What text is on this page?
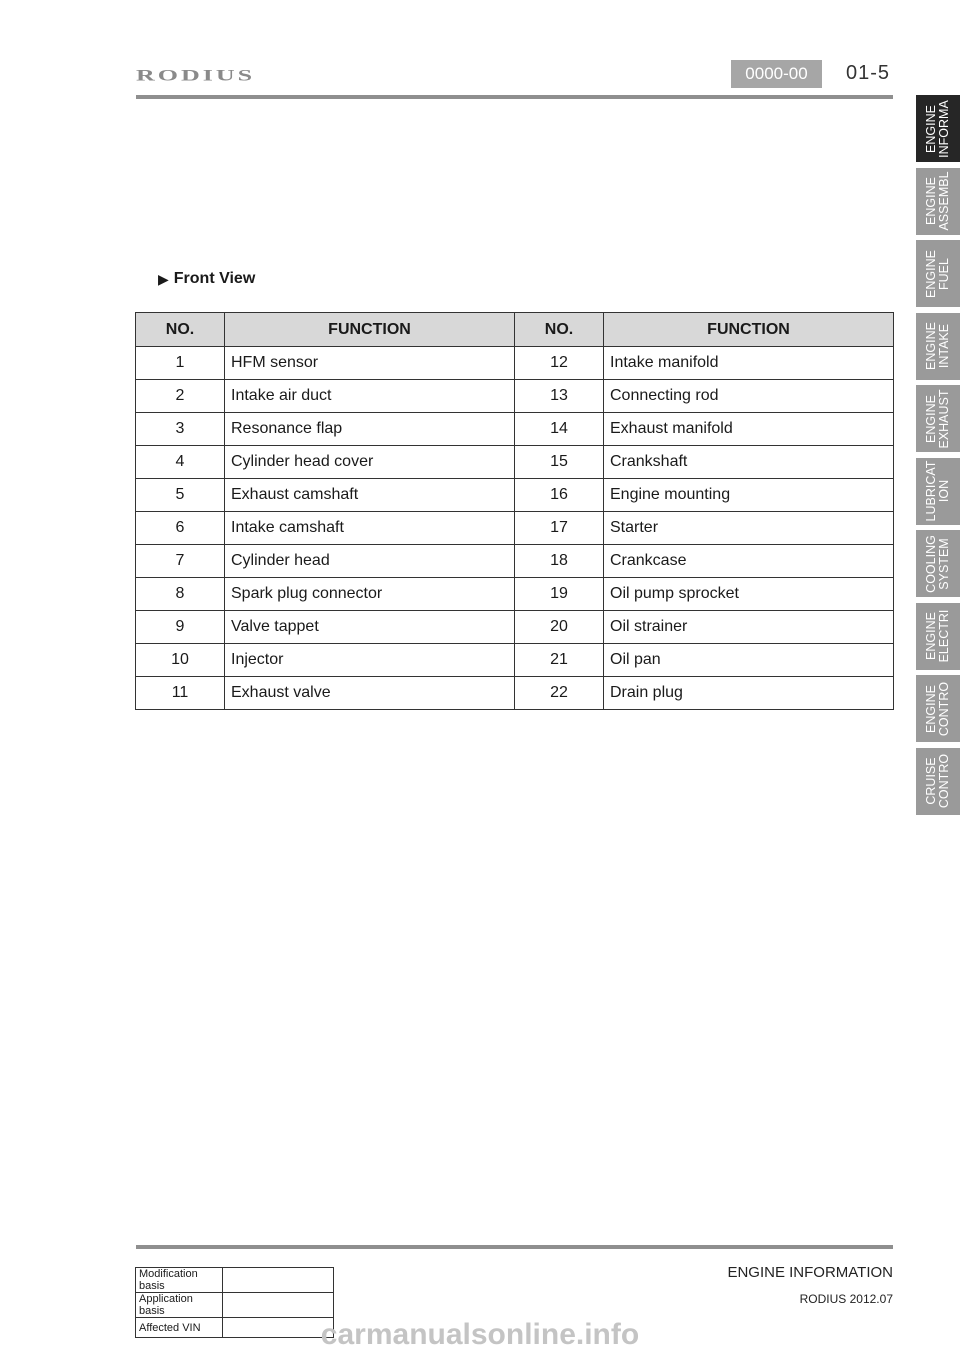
RODIUS	0000-00	01-5
▶ Front View
NO.	FUNCTION	NO.	FUNCTION
1	HFM sensor	12	Intake manifold
2	Intake air duct	13	Connecting rod
3	Resonance flap	14	Exhaust manifold
4	Cylinder head cover	15	Crankshaft
5	Exhaust camshaft	16	Engine mounting
6	Intake camshaft	17	Starter
7	Cylinder head	18	Crankcase
8	Spark plug connector	19	Oil pump sprocket
9	Valve tappet	20	Oil strainer
10	Injector	21	Oil pan
11	Exhaust valve	22	Drain plug
ENGINE
INFORMA
ENGINE
ASSEMBL
ENGINE
FUEL
ENGINE
INTAKE
ENGINE
EXHAUST
LUBRICAT
ION
COOLING
SYSTEM
ENGINE
ELECTRI
ENGINE
CONTRO
CRUISE
CONTRO
Modification basis	
Application basis	
Affected VIN	
ENGINE INFORMATION
RODIUS 2012.07
carmanualsonline.info
